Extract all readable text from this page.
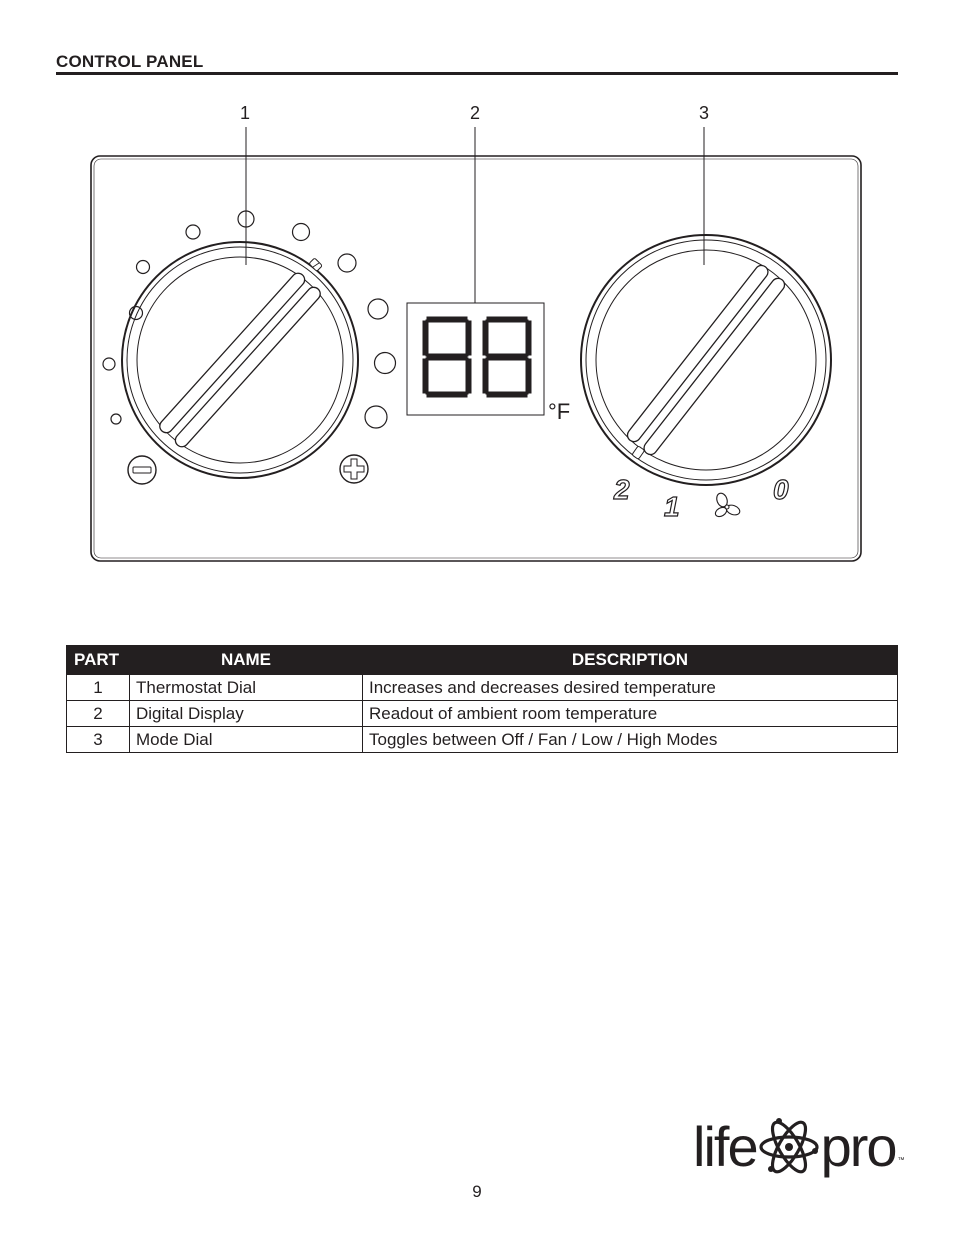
CONTROL PANEL
1	2	3
°F
2
1
0
PART	NAME	DESCRIPTION
1	Thermostat Dial	Increases and decreases desired temperature
2	Digital Display	Readout of ambient room temperature
3	Mode Dial	Toggles between Off / Fan / Low / High Modes
life pro ™
9
